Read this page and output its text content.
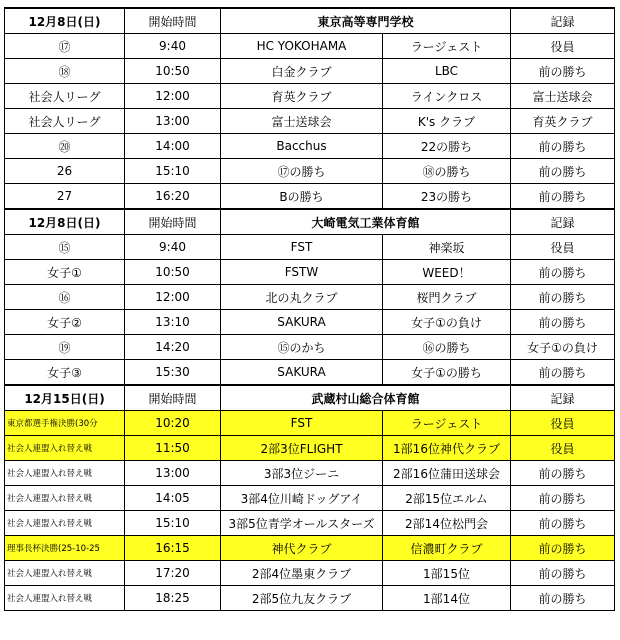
12月8日(日)	開始時間	東京高等専門学校		記録
⑰	9:40	HC YOKOHAMA	ラージェスト	役員
⑱	10:50	白金クラブ	LBC	前の勝ち
社会人リーグ	12:00	育英クラブ	ラインクロス	富士送球会
社会人リーグ	13:00	富士送球会	K's クラブ	育英クラブ
⑳	14:00	Bacchus	22の勝ち	前の勝ち
26	15:10	⑰の勝ち	⑱の勝ち	前の勝ち
27	16:20	Bの勝ち	23の勝ち	前の勝ち
12月8日(日)	開始時間	大崎電気工業体育館		記録
⑮	9:40	FST	神楽坂	役員
女子①	10:50	FSTW	WEED！	前の勝ち
⑯	12:00	北の丸クラブ	桜門クラブ	前の勝ち
女子②	13:10	SAKURA	女子①の負け	前の勝ち
⑲	14:20	⑮のかち	⑯の勝ち	女子①の負け
女子③	15:30	SAKURA	女子①の勝ち	前の勝ち
12月15日(日)	開始時間	武蔵村山総合体育館		記録
東京都選手権決勝(30分	10:20	FST	ラージェスト	役員
社会人連盟入れ替え戦	11:50	2部3位FLIGHT	1部16位神代クラブ	役員
社会人連盟入れ替え戦	13:00	3部3位ジーニ	2部16位蒲田送球会	前の勝ち
社会人連盟入れ替え戦	14:05	3部4位川崎ドッグアイ	2部15位エルム	前の勝ち
社会人連盟入れ替え戦	15:10	3部5位青学オールスターズ	2部14位松門会	前の勝ち
理事長杯決勝(25-10-25	16:15	神代クラブ	信濃町クラブ	前の勝ち
社会人連盟入れ替え戦	17:20	2部4位墨東クラブ	1部15位	前の勝ち
社会人連盟入れ替え戦	18:25	2部5位九友クラブ	1部14位	前の勝ち
